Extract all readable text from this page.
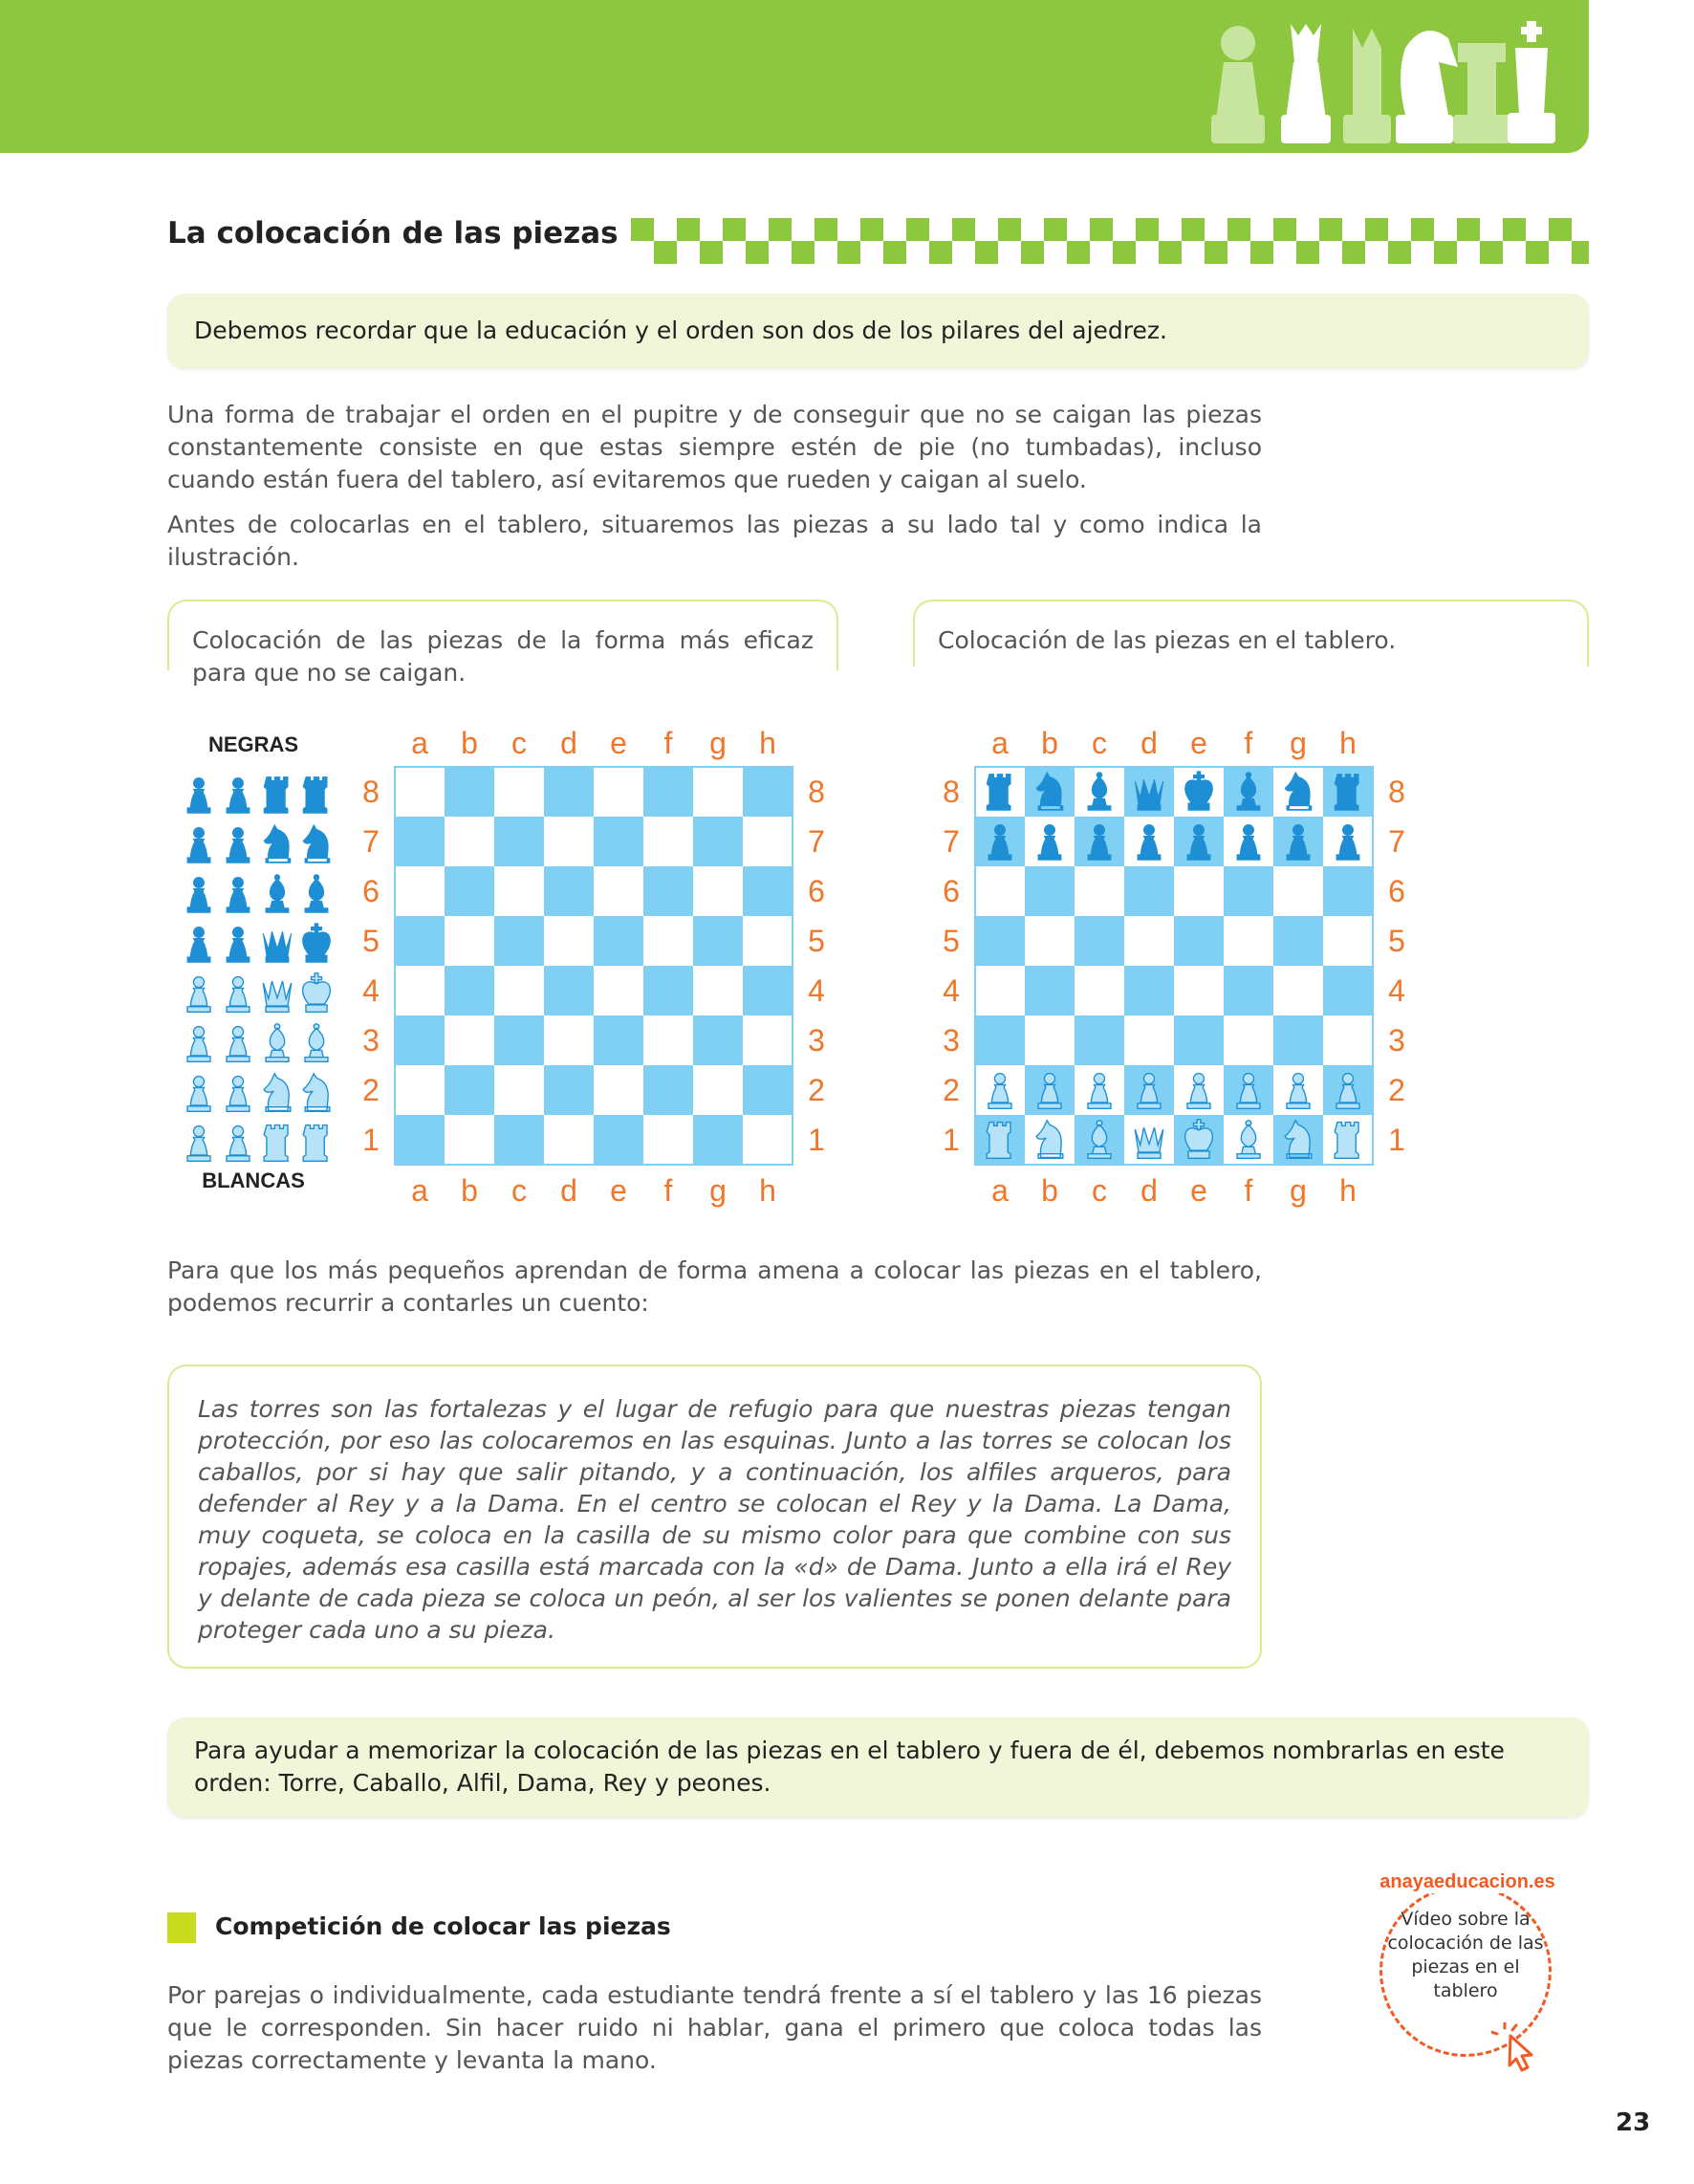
La colocación de las piezas
Debemos recordar que la educación y el orden son dos de los pilares del ajedrez.

Una forma de trabajar el orden en el pupitre y de conseguir que no se caigan las piezas constantemente consiste en que estas siempre estén de pie (no tumbadas), incluso cuando están fuera del tablero, así evitaremos que rueden y caigan al suelo.

Antes de colocarlas en el tablero, situaremos las piezas a su lado tal y como indica la ilustración.

Colocación de las piezas de la forma más eficaz para que no se caigan.
Colocación de las piezas en el tablero.
NEGRAS
BLANCAS
a
a
b
b
c
c
d
d
e
e
f
f
g
g
h
h
8	8
7	7
6	6
5	5
4	4
3	3
2	2
1	1
a
a
b
b
c
c
d
d
e
e
f
f
g
g
h
h
8	8
7	7
6	6
5	5
4	4
3	3
2	2
1	1

Para que los más pequeños aprendan de forma amena a colocar las piezas en el tablero, podemos recurrir a contarles un cuento:

Las torres son las fortalezas y el lugar de refugio para que nuestras piezas tengan protección, por eso las colocaremos en las esquinas. Junto a las torres se colocan los caballos, por si hay que salir pitando, y a continuación, los alfiles arqueros, para defender al Rey y a la Dama. En el centro se colocan el Rey y la Dama. La Dama, muy coqueta, se coloca en la casilla de su mismo color para que combine con sus ropajes, además esa casilla está marcada con la «d» de Dama. Junto a ella irá el Rey y delante de cada pieza se coloca un peón, al ser los valientes se ponen delante para proteger cada uno a su pieza.
Para ayudar a memorizar la colocación de las piezas en el tablero y fuera de él, debemos nombrarlas en este orden: Torre, Caballo, Alfil, Dama, Rey y peones.
Competición de colocar las piezas

Por parejas o individualmente, cada estudiante tendrá frente a sí el tablero y las 16 piezas que le corresponden. Sin hacer ruido ni hablar, gana el primero que coloca todas las piezas correctamente y levanta la mano.

anayaeducacion.es
Vídeo sobre la colocación de las piezas en el tablero
23
